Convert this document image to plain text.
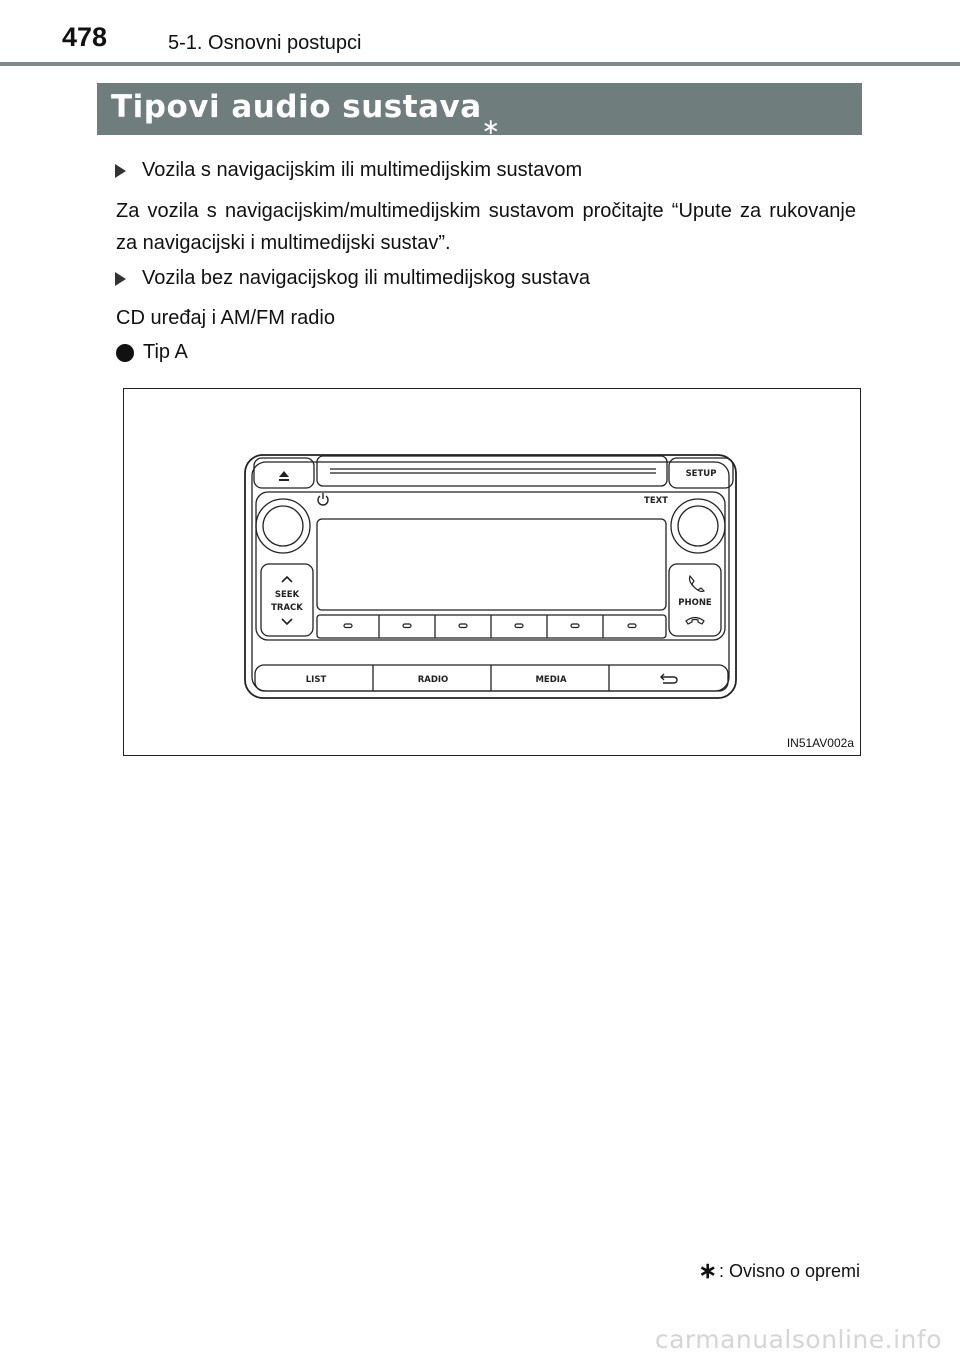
478	5-1. Osnovni postupci
Tipovi audio sustava
∗
Vozila s navigacijskim ili multimedijskim sustavom
Za vozila s navigacijskim/multimedijskim sustavom pročitajte “Upute za rukovanje za navigacijski i multimedijski sustav”.
Vozila bez navigacijskog ili multimedijskog sustava
CD uređaj i AM/FM radio
Tip A
SETUP
TEXT
SEEK
TRACK	PHONE
LIST	RADIO	MEDIA
IN51AV002a
∗ : Ovisno o opremi
carmanualsonline.info
